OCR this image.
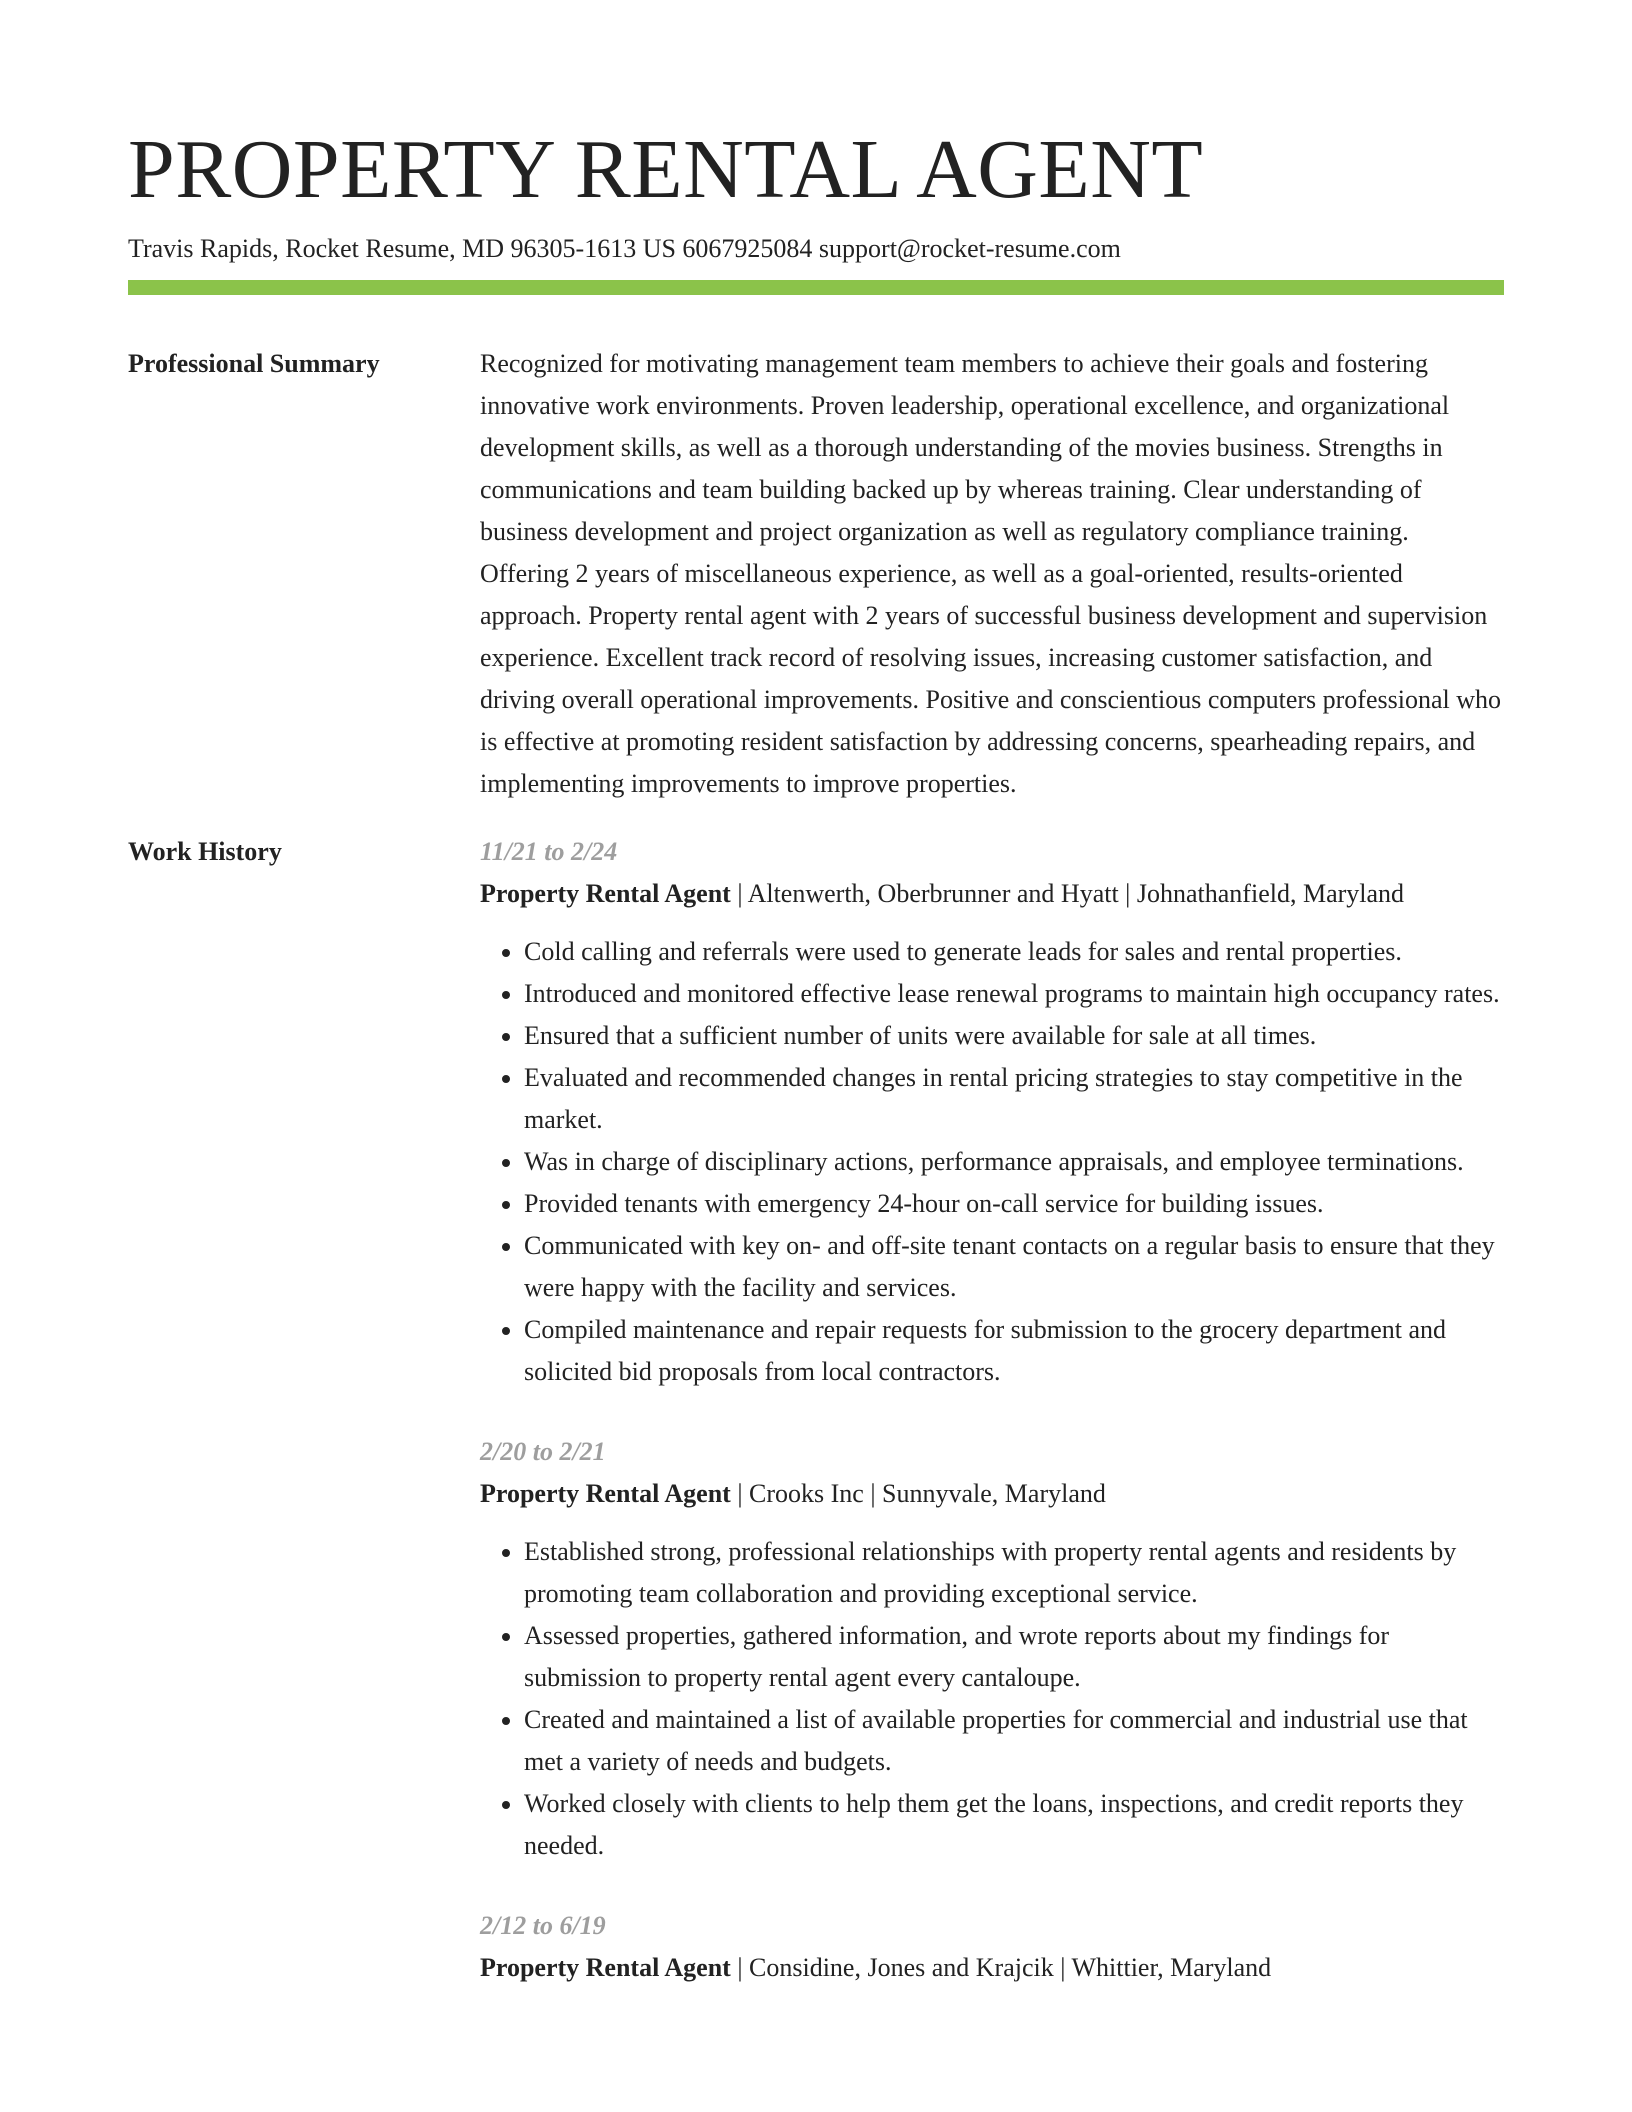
PROPERTY RENTAL AGENT
Travis Rapids, Rocket Resume, MD 96305-1613 US 6067925084 support@rocket-resume.com
Professional Summary	Recognized for motivating management team members to achieve their goals and fostering innovative work environments. Proven leadership, operational excellence, and organizational development skills, as well as a thorough understanding of the movies business. Strengths in communications and team building backed up by whereas training. Clear understanding of business development and project organization as well as regulatory compliance training. Offering 2 years of miscellaneous experience, as well as a goal-oriented, results-oriented approach. Property rental agent with 2 years of successful business development and supervision experience. Excellent track record of resolving issues, increasing customer satisfaction, and driving overall operational improvements. Positive and conscientious computers professional who is effective at promoting resident satisfaction by addressing concerns, spearheading repairs, and implementing improvements to improve properties.

Work History	11/21 to 2/24
Property Rental Agent | Altenwerth, Oberbrunner and Hyatt | Johnathanfield, Maryland
• Cold calling and referrals were used to generate leads for sales and rental properties.
• Introduced and monitored effective lease renewal programs to maintain high occupancy rates.
• Ensured that a sufficient number of units were available for sale at all times.
• Evaluated and recommended changes in rental pricing strategies to stay competitive in the market.
• Was in charge of disciplinary actions, performance appraisals, and employee terminations.
• Provided tenants with emergency 24-hour on-call service for building issues.
• Communicated with key on- and off-site tenant contacts on a regular basis to ensure that they were happy with the facility and services.
• Compiled maintenance and repair requests for submission to the grocery department and solicited bid proposals from local contractors.
2/20 to 2/21
Property Rental Agent | Crooks Inc | Sunnyvale, Maryland
• Established strong, professional relationships with property rental agents and residents by promoting team collaboration and providing exceptional service.
• Assessed properties, gathered information, and wrote reports about my findings for submission to property rental agent every cantaloupe.
• Created and maintained a list of available properties for commercial and industrial use that met a variety of needs and budgets.
• Worked closely with clients to help them get the loans, inspections, and credit reports they needed.
2/12 to 6/19
Property Rental Agent | Considine, Jones and Krajcik | Whittier, Maryland
